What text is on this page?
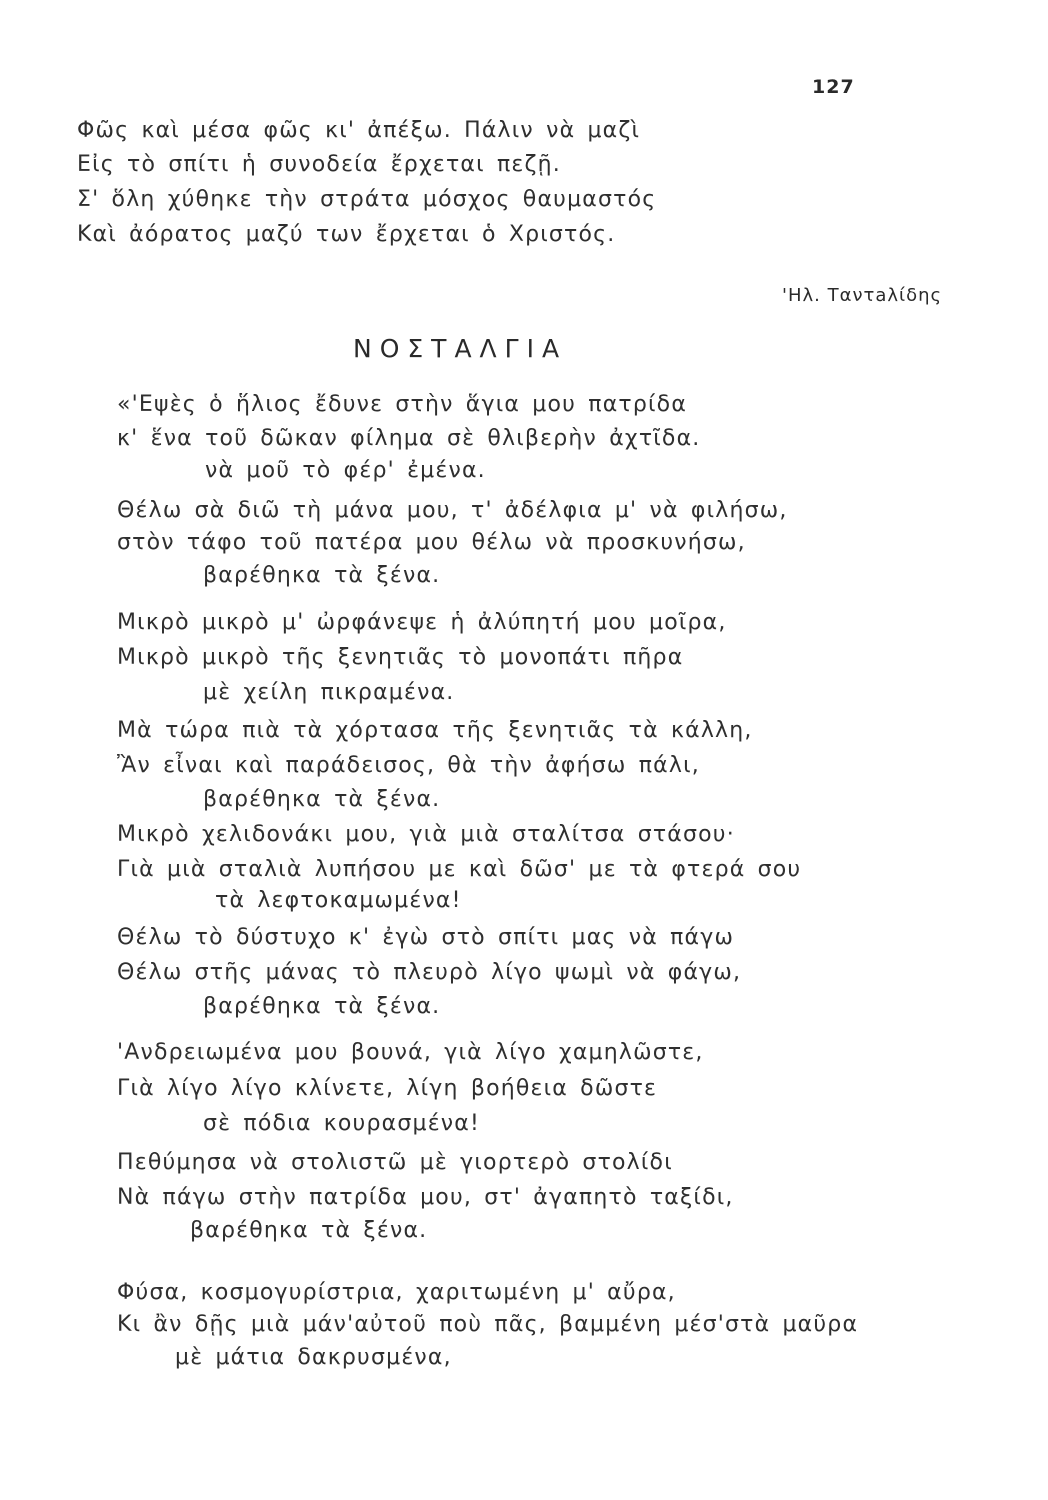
127
Φῶς καὶ μέσα φῶς κι' ἀπέξω. Πάλιν νὰ μαζὶ
Εἰς τὸ σπίτι ἡ συνοδεία ἔρχεται πεζῇ.
Σ' ὅλη χύθηκε τὴν στράτα μόσχος θαυμαστός
Καὶ ἀόρατος μαζύ των ἔρχεται ὁ Χριστός.
'Ηλ. Ταντaλίδης
ΝΟΣΤΑΛΓΙΑ
«'Εψὲς ὁ ἥλιος ἔδυνε στὴν ἅγια μου πατρίδα
κ' ἕνα τοῦ δῶκαν φίλημα σὲ θλιβερὴν ἀχτῖδα.
νὰ μοῦ τὸ φέρ' ἐμένα.
Θέλω σὰ διῶ τὴ μάνα μου, τ' ἀδέλφια μ' νὰ φιλήσω,
στὸν τάφο τοῦ πατέρα μου θέλω νὰ προσκυνήσω,
βαρέθηκα τὰ ξένα.
Μικρὸ μικρὸ μ' ὠρφάνεψε ἡ ἀλύπητή μου μοῖρα,
Μικρὸ μικρὸ τῆς ξενητιᾶς τὸ μονοπάτι πῆρα
μὲ χείλη πικραμένα.
Μὰ τώρα πιὰ τὰ χόρτασα τῆς ξενητιᾶς τὰ κάλλη,
Ἂν εἶναι καὶ παράδεισος, θὰ τὴν ἀφήσω πάλι,
βαρέθηκα τὰ ξένα.
Μικρὸ χελιδονάκι μου, γιὰ μιὰ σταλίτσα στάσου·
Γιὰ μιὰ σταλιὰ λυπήσου με καὶ δῶσ' με τὰ φτερά σου
τὰ λεφτοκαμωμένα!
Θέλω τὸ δύστυχο κ' ἐγὼ στὸ σπίτι μας νὰ πάγω
Θέλω στῆς μάνας τὸ πλευρὸ λίγο ψωμὶ νὰ φάγω,
βαρέθηκα τὰ ξένα.
'Ανδρειωμένα μου βουνά, γιὰ λίγο χαμηλῶστε,
Γιὰ λίγο λίγο κλίνετε, λίγη βοήθεια δῶστε
σὲ πόδια κουρασμένα!
Πεθύμησα νὰ στολιστῶ μὲ γιορτερὸ στολίδι
Νὰ πάγω στὴν πατρίδα μου, στ' ἀγαπητὸ ταξίδι,
βαρέθηκα τὰ ξένα.
Φύσα, κοσμογυρίστρια, χαριτωμένη μ' αὔρα,
Κι ἂν δῇς μιὰ μάν'αὐτοῦ ποὺ πᾶς, βαμμένη μέσ'στὰ μαῦρα
μὲ μάτια δακρυσμένα,
